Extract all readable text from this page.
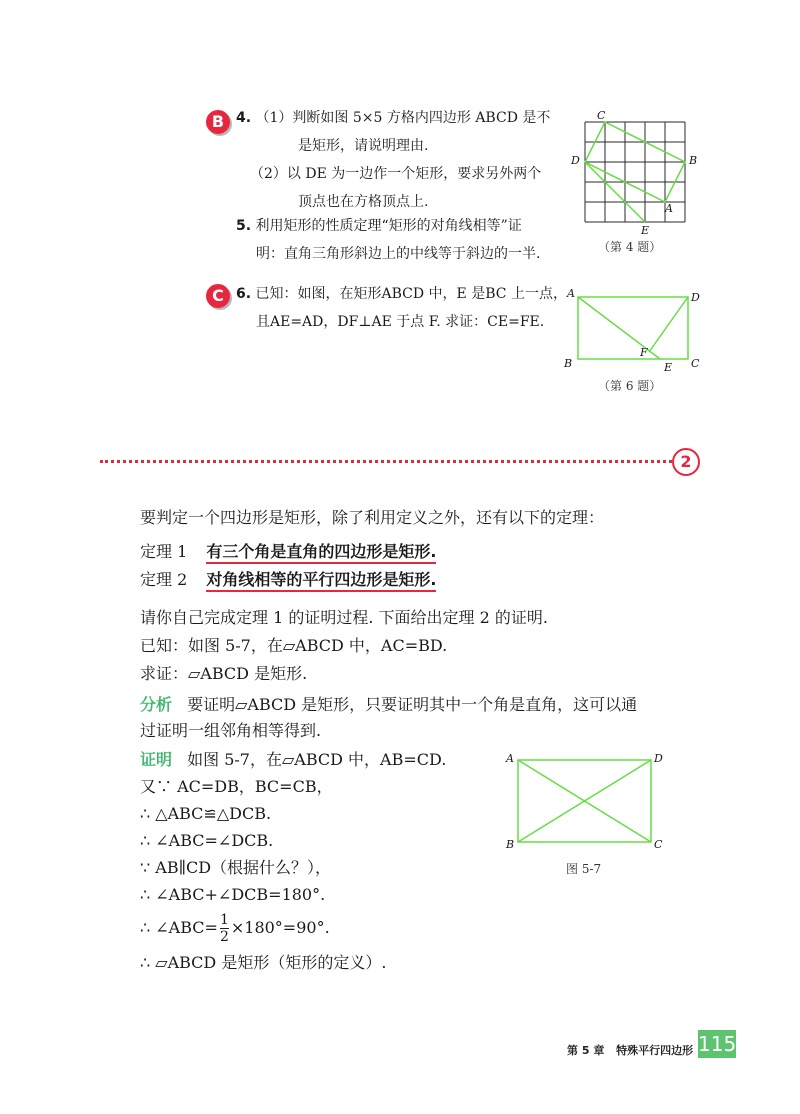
B 4. （1）判断如图 5×5 方格内四边形 ABCD 是不
是矩形，请说明理由.
（2）以 DE 为一边作一个矩形，要求另外两个
顶点也在方格顶点上.
5. 利用矩形的性质定理“矩形的对角线相等”证
明：直角三角形斜边上的中线等于斜边的一半.
C
D	B
A
E
（第 4 题）
C 6. 已知：如图，在矩形ABCD 中，E 是BC 上一点，
且AE=AD，DF⊥AE 于点 F. 求证：CE=FE.
A	D
B	C
F
E
（第 6 题）
2
要判定一个四边形是矩形，除了利用定义之外，还有以下的定理：
定理 1 有三个角是直角的四边形是矩形.
定理 2 对角线相等的平行四边形是矩形.
请你自己完成定理 1 的证明过程. 下面给出定理 2 的证明.
已知：如图 5-7，在▱ABCD 中，AC=BD.
求证：▱ABCD 是矩形.
分析 要证明▱ABCD 是矩形，只要证明其中一个角是直角，这可以通
过证明一组邻角相等得到.
证明 如图 5-7，在▱ABCD 中，AB=CD.
又∵ AC=DB，BC=CB，
∴ △ABC≌△DCB.
∴ ∠ABC=∠DCB.
∵ AB∥CD（根据什么？），
∴ ∠ABC+∠DCB=180°.
∴ ∠ABC= $\frac{1}{2} \times 180^\circ=90^\circ$.
∴ ▱ABCD 是矩形（矩形的定义）.
A	D
B	C
图 5-7
第 5 章 特殊平行四边形 115
